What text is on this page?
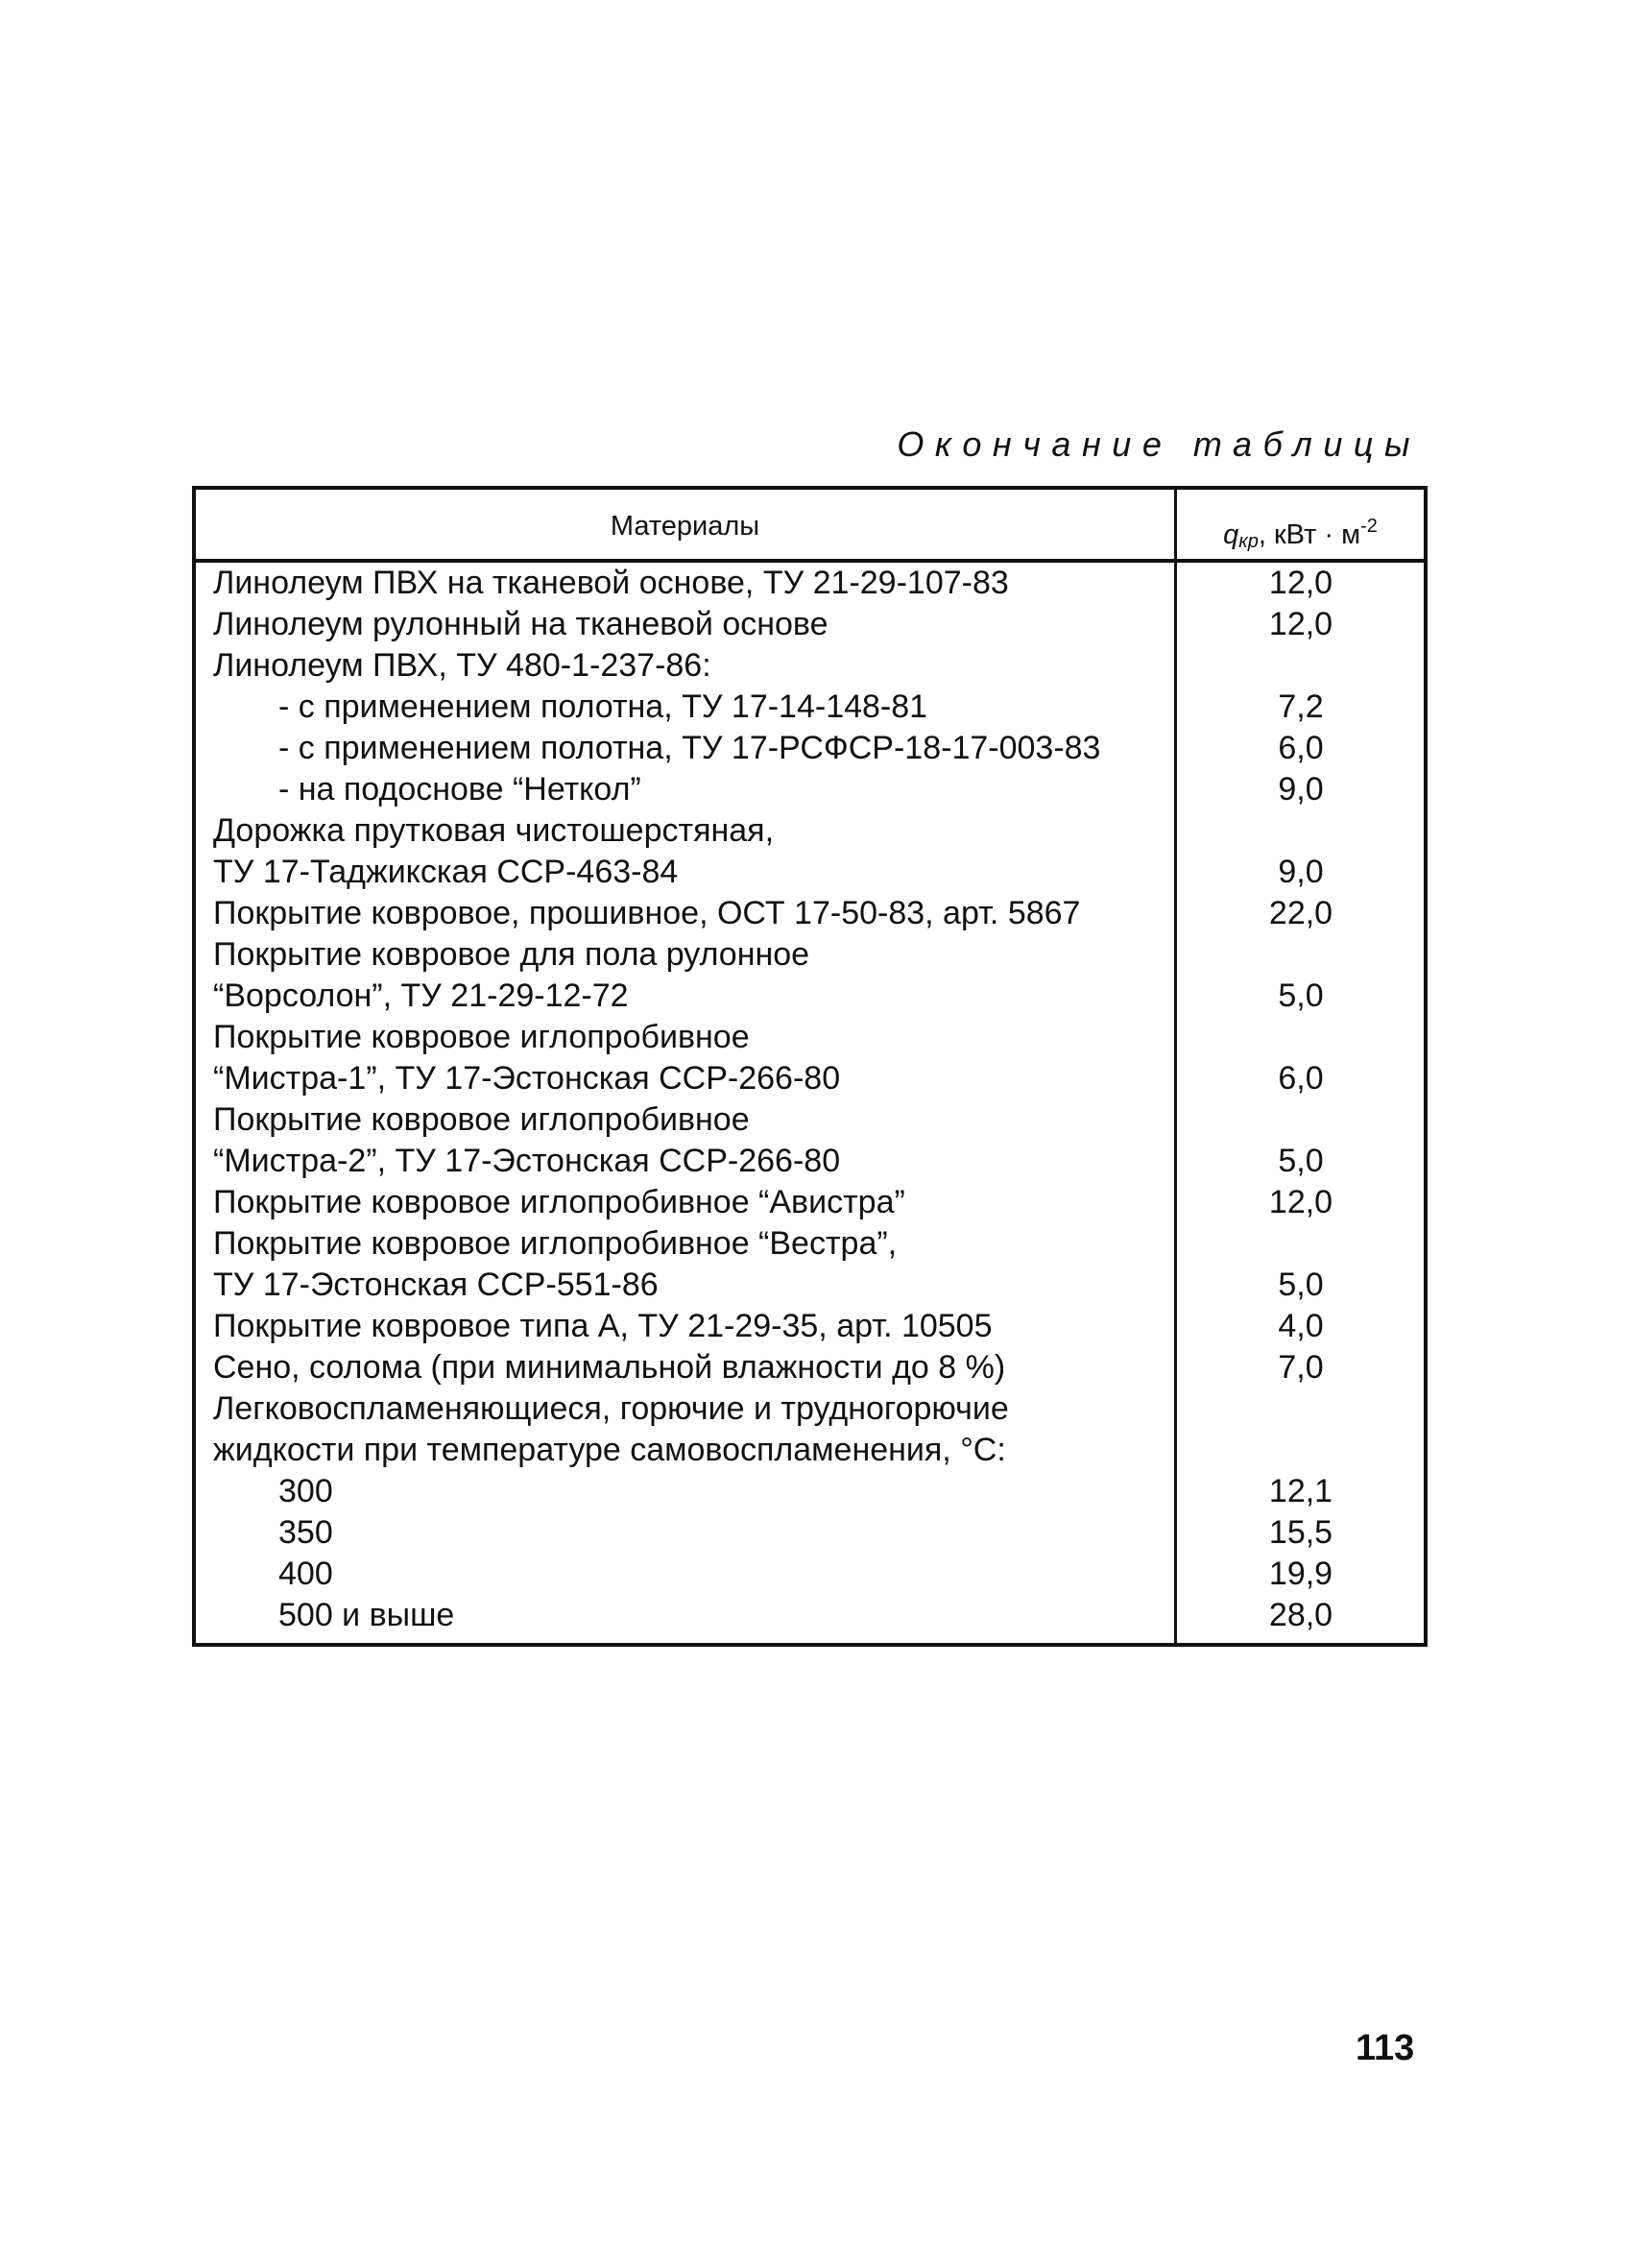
Окончание таблицы

Материалы	$q_{кр}$, кВт · $м^{-2}$
Линолеум ПВХ на тканевой основе, ТУ 21-29-107-83	12,0
Линолеум рулонный на тканевой основе	12,0
Линолеум ПВХ, ТУ 480-1-237-86:
- с применением полотна, ТУ 17-14-148-81	7,2
- с применением полотна, ТУ 17-РСФСР-18-17-003-83	6,0
- на подоснове “Неткол”	9,0
Дорожка прутковая чистошерстяная,
ТУ 17-Таджикская ССР-463-84	9,0
Покрытие ковровое, прошивное, ОСТ 17-50-83, арт. 5867	22,0
Покрытие ковровое для пола рулонное
“Ворсолон”, ТУ 21-29-12-72	5,0
Покрытие ковровое иглопробивное
“Мистра-1”, ТУ 17-Эстонская ССР-266-80	6,0
Покрытие ковровое иглопробивное
“Мистра-2”, ТУ 17-Эстонская ССР-266-80	5,0
Покрытие ковровое иглопробивное “Авистра”	12,0
Покрытие ковровое иглопробивное “Вестра”,
ТУ 17-Эстонская ССР-551-86	5,0
Покрытие ковровое типа А, ТУ 21-29-35, арт. 10505	4,0
Сено, солома (при минимальной влажности до 8 %)	7,0
Легковоспламеняющиеся, горючие и трудногорючие
жидкости при температуре самовоспламенения, °С:
300	12,1
350	15,5
400	19,9
500 и выше	28,0

113
